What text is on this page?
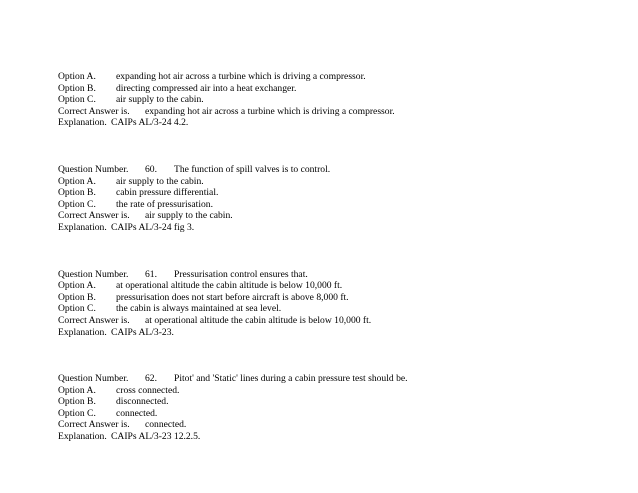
Option A.

expanding hot air across a turbine which is driving a compressor.

Option B.

directing compressed air into a heat exchanger.

Option C.

air supply to the cabin.

Correct Answer is.

expanding hot air across a turbine which is driving a compressor.

Explanation.

CAIPs AL/3-24 4.2.

Question Number.

60.

The function of spill valves is to control.

Option A.

air supply to the cabin.

Option B.

cabin pressure differential.

Option C.

the rate of pressurisation.

Correct Answer is.

air supply to the cabin.

Explanation.

CAIPs AL/3-24 fig 3.

Question Number.

61.

Pressurisation control ensures that.

Option A.

at operational altitude the cabin altitude is below 10,000 ft.

Option B.

pressurisation does not start before aircraft is above 8,000 ft.

Option C.

the cabin is always maintained at sea level.

Correct Answer is.

at operational altitude the cabin altitude is below 10,000 ft.

Explanation.

CAIPs AL/3-23.

Question Number.

62.

Pitot' and 'Static' lines during a cabin pressure test should be.

Option A.

cross connected.

Option B.

disconnected.

Option C.

connected.

Correct Answer is.

connected.

Explanation.

CAIPs AL/3-23 12.2.5.
